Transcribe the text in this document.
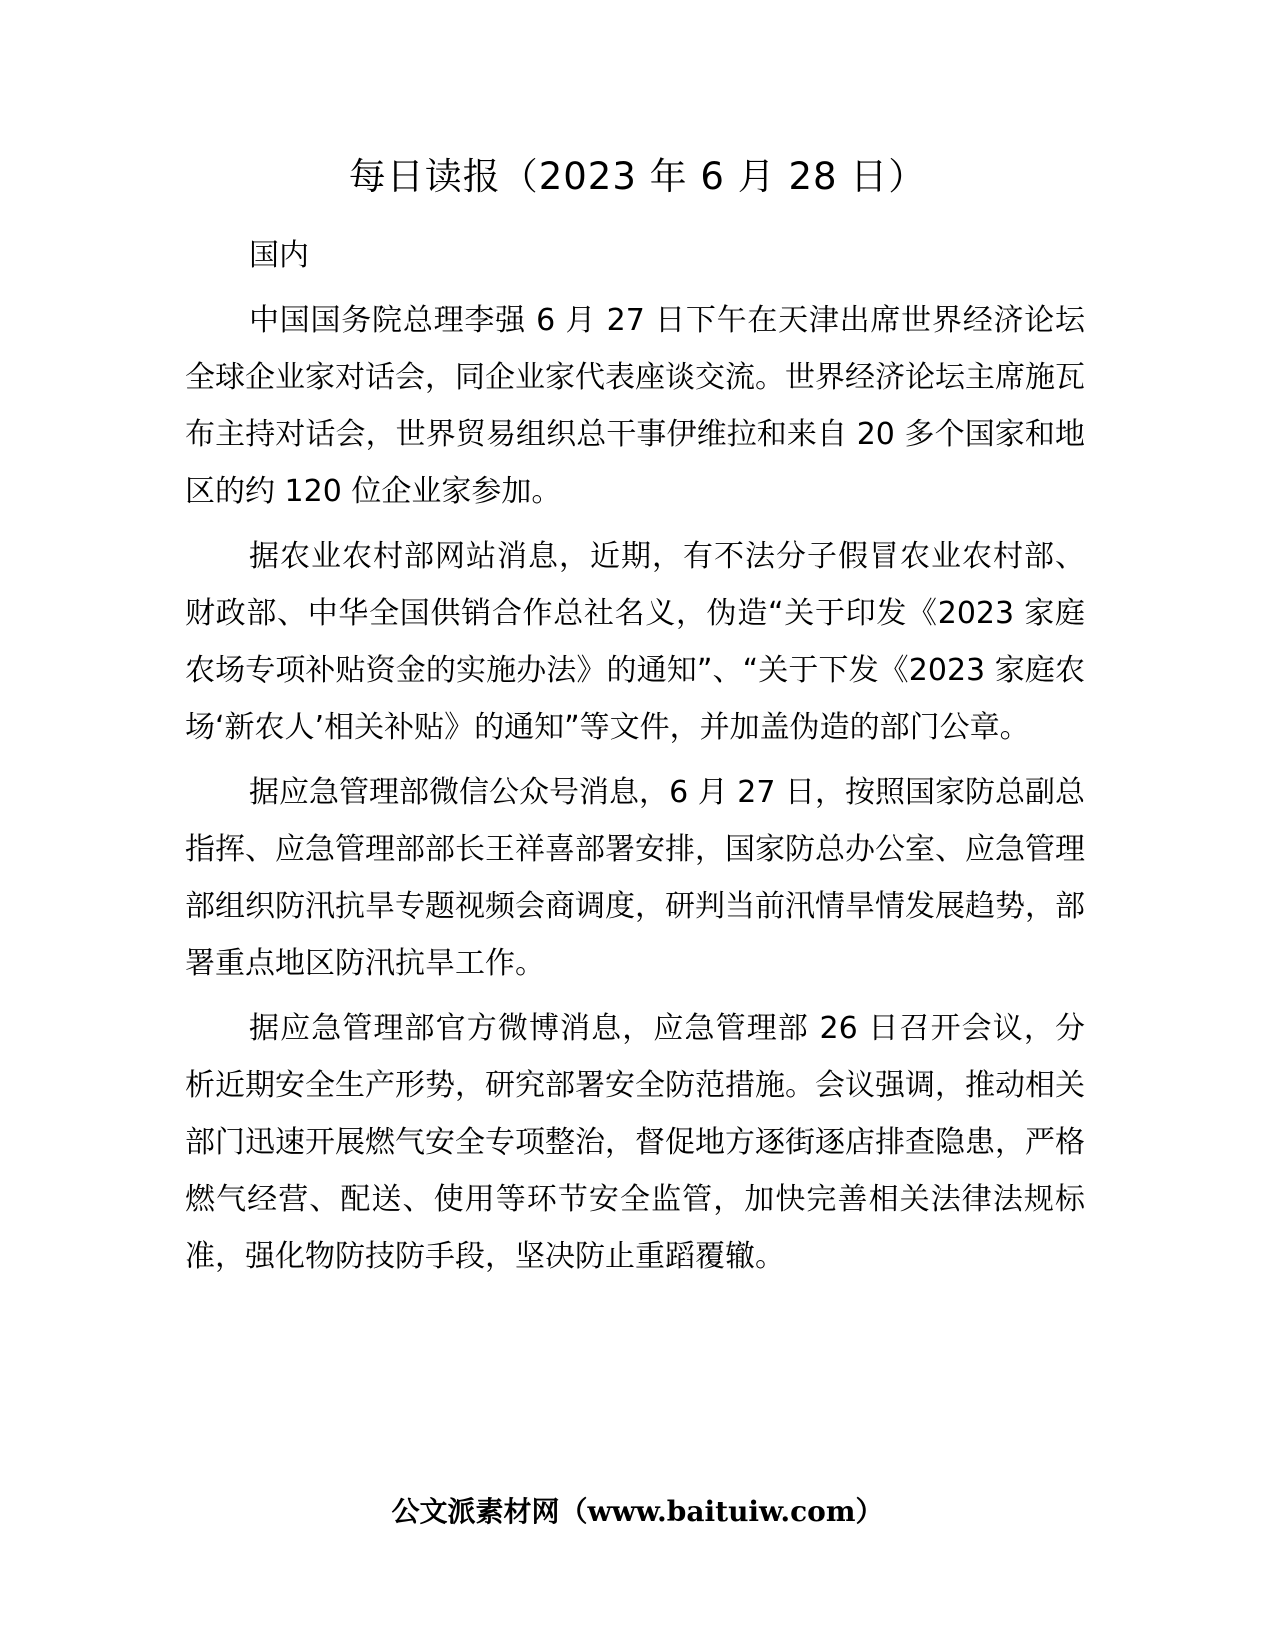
每日读报（2023 年 6 月 28 日）

国内

中国国务院总理李强 6 月 27 日下午在天津出席世界经济论坛全球企业家对话会，同企业家代表座谈交流。世界经济论坛主席施瓦布主持对话会，世界贸易组织总干事伊维拉和来自 20 多个国家和地区的约 120 位企业家参加。

据农业农村部网站消息，近期，有不法分子假冒农业农村部、财政部、中华全国供销合作总社名义，伪造“关于印发《2023 家庭农场专项补贴资金的实施办法》的通知”、“关于下发《2023 家庭农场‘新农人’相关补贴》的通知”等文件，并加盖伪造的部门公章。

据应急管理部微信公众号消息，6 月 27 日，按照国家防总副总指挥、应急管理部部长王祥喜部署安排，国家防总办公室、应急管理部组织防汛抗旱专题视频会商调度，研判当前汛情旱情发展趋势，部署重点地区防汛抗旱工作。

据应急管理部官方微博消息，应急管理部 26 日召开会议，分析近期安全生产形势，研究部署安全防范措施。会议强调，推动相关部门迅速开展燃气安全专项整治，督促地方逐街逐店排查隐患，严格燃气经营、配送、使用等环节安全监管，加快完善相关法律法规标准，强化物防技防手段，坚决防止重蹈覆辙。

公文派素材网（www.baituiw.com）
